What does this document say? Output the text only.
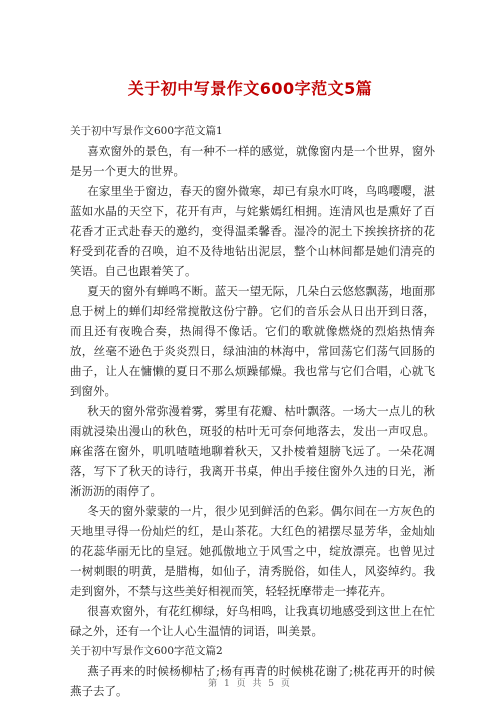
关于初中写景作文600字范文5篇

关于初中写景作文600字范文篇1

喜欢窗外的景色，有一种不一样的感觉，就像窗内是一个世界，窗外是另一个更大的世界。

在家里坐于窗边，春天的窗外微寒，却已有泉水叮咚，鸟鸣嘤嘤，湛蓝如水晶的天空下，花开有声，与姹紫嫣红相拥。连清风也是熏好了百花香才正式赴春天的邀约，变得温柔馨香。湿冷的泥土下挨挨挤挤的花籽受到花香的召唤，迫不及待地钻出泥层，整个山林间都是她们清亮的笑语。自己也跟着笑了。

夏天的窗外有蝉鸣不断。蓝天一望无际，几朵白云悠悠飘荡，地面那息于树上的蝉们却经常搅散这份宁静。它们的音乐会从日出开到日落，而且还有夜晚合奏，热闹得不像话。它们的歌就像燃烧的烈焰热情奔放，丝毫不逊色于炎炎烈日，绿油油的林海中，常回荡它们荡气回肠的曲子，让人在慵懒的夏日不那么烦躁郁燥。我也常与它们合唱，心就飞到窗外。

秋天的窗外常弥漫着雾，雾里有花瓣、枯叶飘落。一场大一点儿的秋雨就浸染出漫山的秋色，斑驳的枯叶无可奈何地落去，发出一声叹息。麻雀落在窗外，叽叽喳喳地聊着秋天，又扑棱着翅膀飞远了。一朵花凋落，写下了秋天的诗行，我离开书桌，伸出手接住窗外久违的日光，淅淅沥沥的雨停了。

冬天的窗外蒙蒙的一片，很少见到鲜活的色彩。偶尔间在一方灰色的天地里寻得一份灿烂的红，是山茶花。大红色的裙摆尽显芳华，金灿灿的花蕊华丽无比的皇冠。她孤傲地立于风雪之中，绽放漂亮。也曾见过一树刺眼的明黄，是腊梅，如仙子，清秀脱俗，如佳人，风姿绰约。我走到窗外，不禁与这些美好相视而笑，轻轻抚摩带走一捧花卉。

很喜欢窗外，有花红柳绿，好鸟相鸣，让我真切地感受到这世上在忙碌之外，还有一个让人心生温情的词语，叫美景。

关于初中写景作文600字范文篇2

燕子再来的时候杨柳枯了;杨有再青的时候桃花谢了;桃花再开的时候燕子去了。	第 1 页 共 5 页
